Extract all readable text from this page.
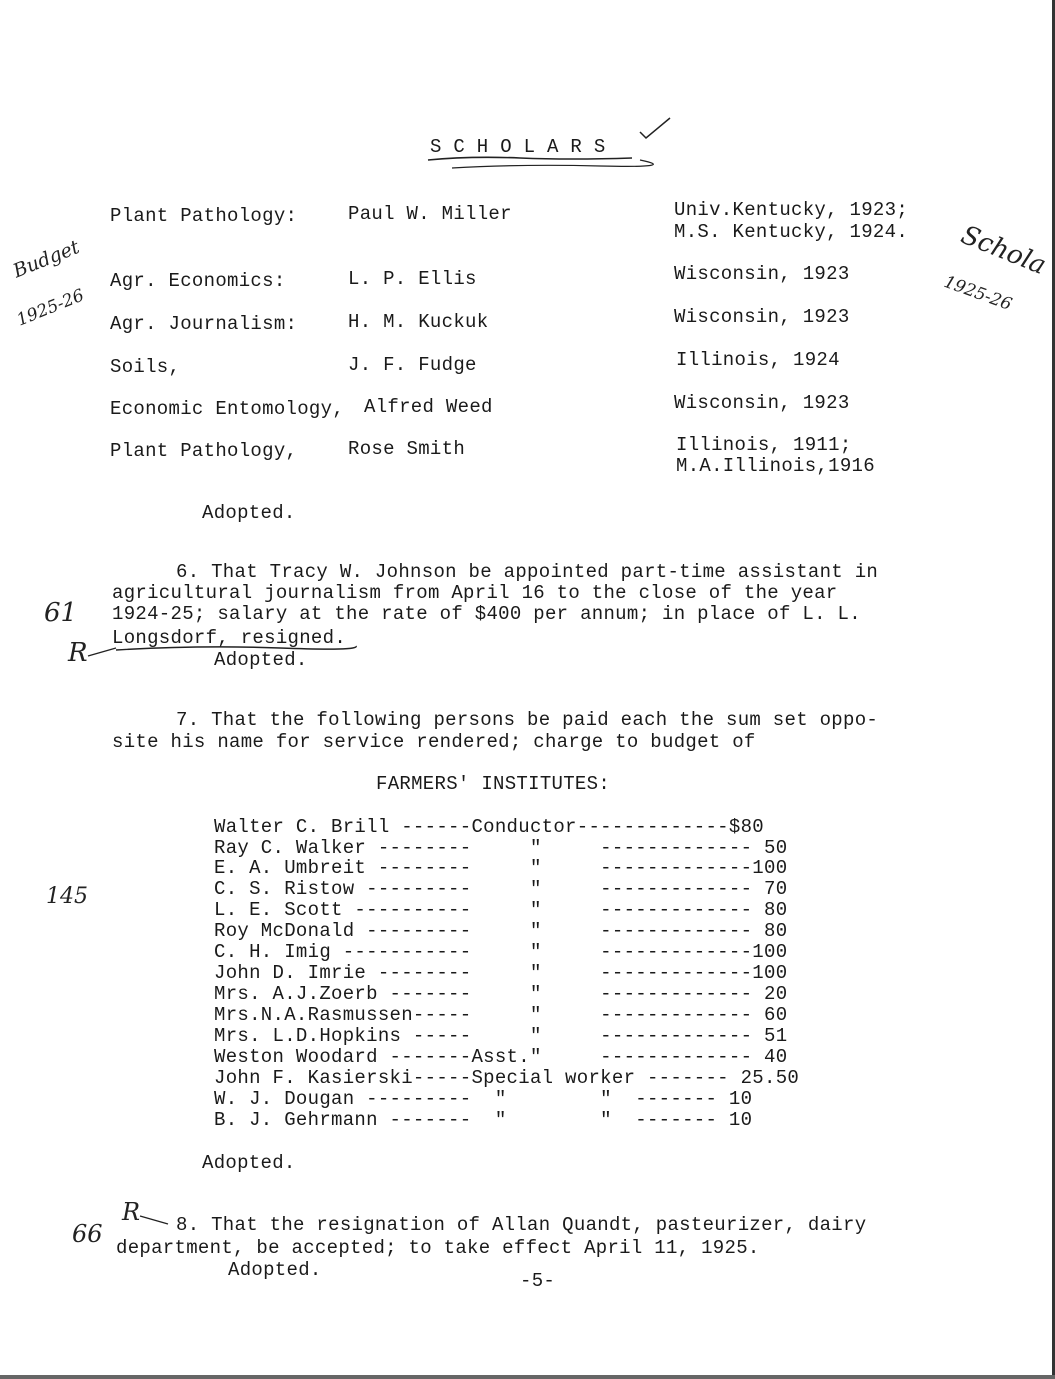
S C H O L A R S
Plant Pathology:	Paul W. Miller	Univ.Kentucky, 1923;
M.S. Kentucky, 1924.
Agr. Economics:	L. P. Ellis	Wisconsin, 1923
Agr. Journalism:	H. M. Kuckuk	Wisconsin, 1923
Soils,	J. F. Fudge	Illinois, 1924
Economic Entomology, Alfred Weed	Wisconsin, 1923
Plant Pathology,	Rose Smith	Illinois, 1911;
M.A.Illinois,1916
Adopted.
6. That Tracy W. Johnson be appointed part-time assistant in
agricultural journalism from April 16 to the close of the year
1924-25; salary at the rate of $400 per annum; in place of L. L.
Longsdorf, resigned.
Adopted.
7. That the following persons be paid each the sum set oppo-
site his name for service rendered; charge to budget of
FARMERS' INSTITUTES:
Walter C. Brill ------Conductor-------------$80
Ray C. Walker --------     "     ------------- 50
E. A. Umbreit --------     "     -------------100
C. S. Ristow ---------     "     ------------- 70
L. E. Scott ----------     "     ------------- 80
Roy McDonald ---------     "     ------------- 80
C. H. Imig -----------     "     -------------100
John D. Imrie --------     "     -------------100
Mrs. A.J.Zoerb -------     "     ------------- 20
Mrs.N.A.Rasmussen-----     "     ------------- 60
Mrs. L.D.Hopkins -----     "     ------------- 51
Weston Woodard -------Asst."     ------------- 40
John F. Kasierski-----Special worker ------- 25.50
W. J. Dougan ---------  "        "  ------- 10
B. J. Gehrmann -------  "        "  ------- 10
Adopted.
8. That the resignation of Allan Quandt, pasteurizer, dairy
department, be accepted; to take effect April 11, 1925.
Adopted.	-5-
Budget
1925-26
Schola
1925-26
61
R
145
66
R
